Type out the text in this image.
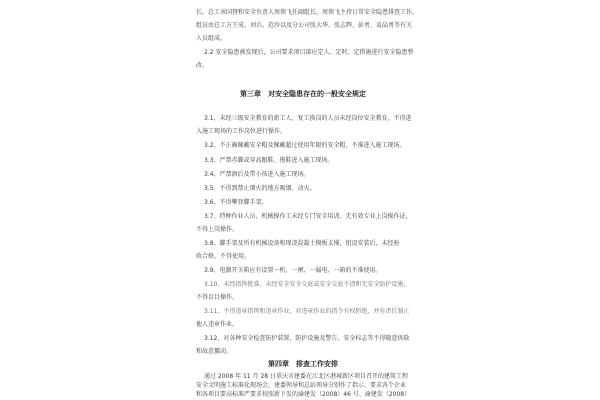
长，总工承国督和安全负责人周领飞任副组长，周领飞主持日常安全隐患排查工作，
组员由总工方王成、刘兵、范沙以及分公司张大华、张志辉、彭勇、袁晶勇等有关
人员组成。
2.2 安全隐患被发现后，公司要求项目部应定人、定时、定措施进行安全隐患整
改。
第三章　对安全隐患存在的一般安全规定
3.1、未经三级安全教育的新工人、复工换岗的人员未经岗位安全教育，不得进
入施工现场的工作岗位进行操作。
3.2、不正确佩戴安全帽及佩戴超过使用年限的安全帽，不准进入施工现场。
3.3、严禁赤脚或穿高跟鞋、拖鞋进入施工现场。
3.4、严禁酒后及带小孩进入施工现场。
3.5、不得到禁止烟火的地方吸烟、动火。
3.6、不得攀登脚手架。
3.7、特种作业人员、机械操作工未经专门安全培训、无有效专业上岗操作证，
不得上岗操作。
3.8、脚手架及所有机械设备和现浇混凝土模板支撑，组设安装后，未经验
收合格，不得使用。
3.9、电源开关箱应有设置一机、一闸、一漏电、一箱的不准使用。
3.10、未经指挥批准，未经安全安全交底或安全交底不清和无安全防护设施，
不得盲目操作。
3.11、不得违章指挥和违章作业，对违章作业的指令有权拒绝，并有责任制止
他人违章作业。
3.12、对各种安全检查防护装置、防护设施及警告、安全标志等不得随意拆除
和故意挪动。
第四章　排查工作安排
通过 2008 年 11 月 28 日重庆市建委在江北区港城新区项目召开的建筑工程
安全文明施工标准化现场会，建委领导和总站领导分别作了指示，要求各个企业
和各项目要高标准严要求按照新下发的渝建发（2008）46 号、渝建发（2008）
